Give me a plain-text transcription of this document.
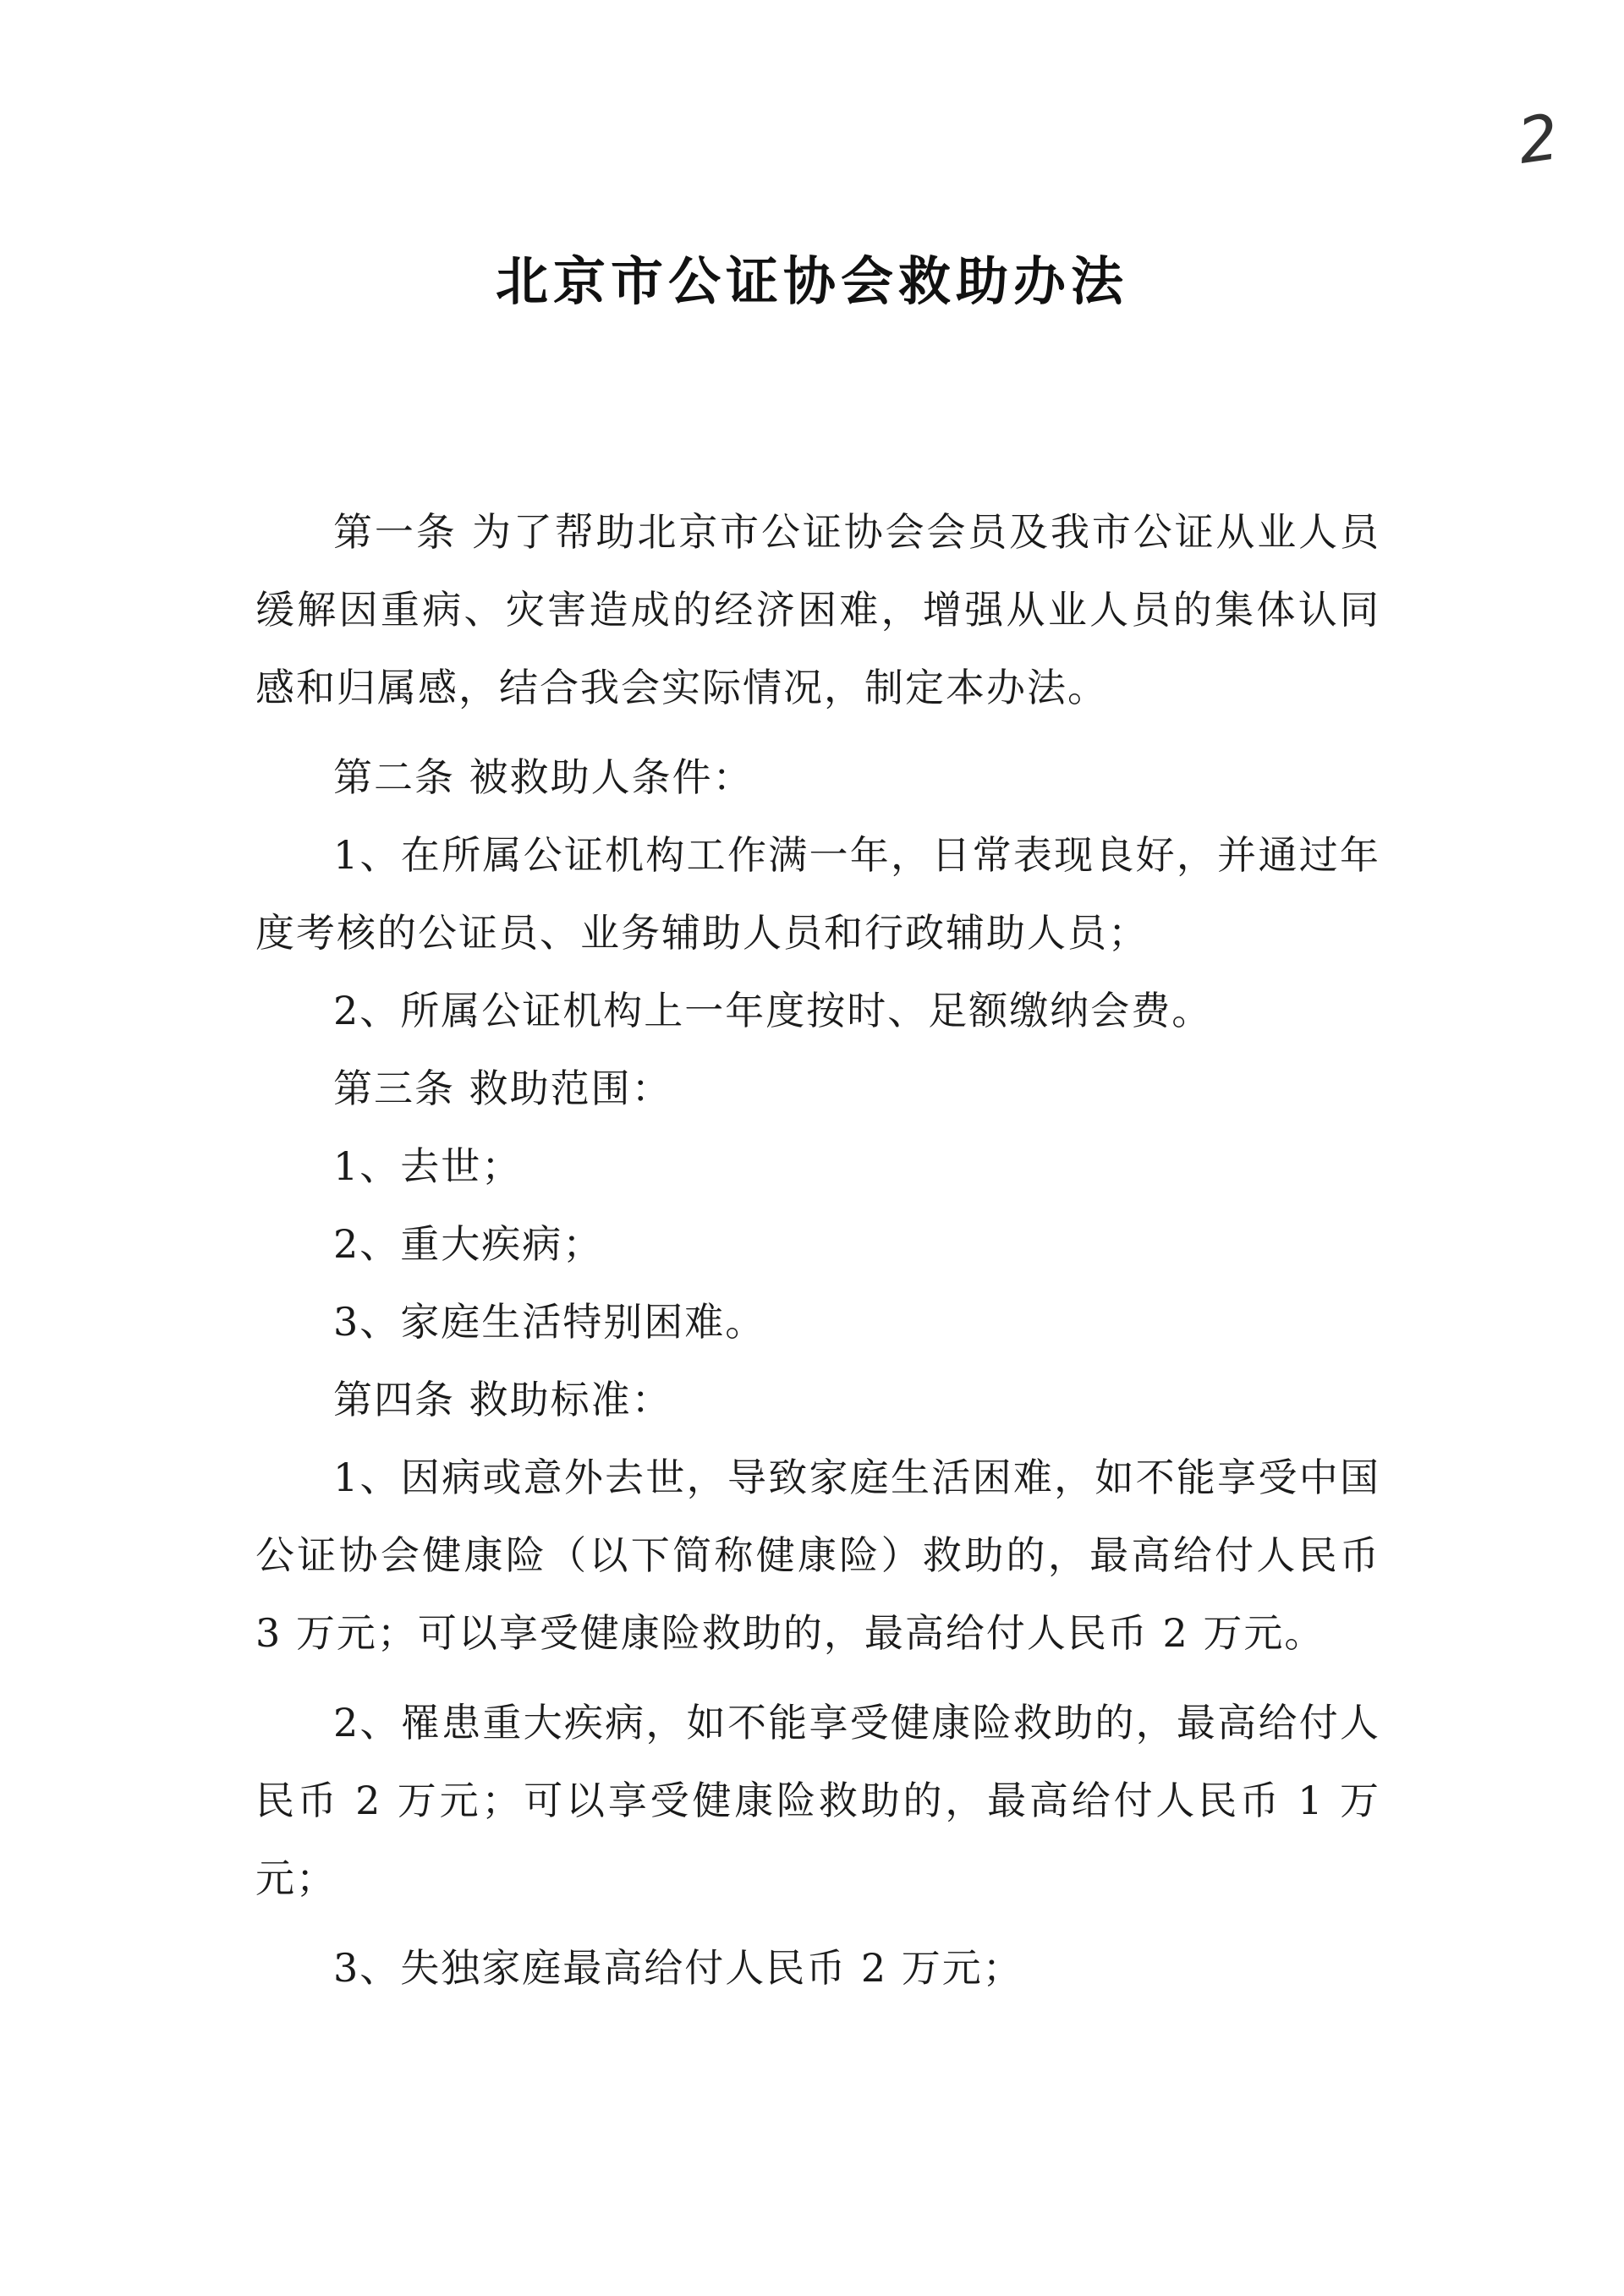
2
北京市公证协会救助办法

第一条 为了帮助北京市公证协会会员及我市公证从业人员缓解因重病、灾害造成的经济困难，增强从业人员的集体认同感和归属感，结合我会实际情况，制定本办法。

第二条 被救助人条件：

1、在所属公证机构工作满一年，日常表现良好，并通过年度考核的公证员、业务辅助人员和行政辅助人员；

2、所属公证机构上一年度按时、足额缴纳会费。

第三条 救助范围：

1、去世；

2、重大疾病；

3、家庭生活特别困难。

第四条 救助标准：

1、因病或意外去世，导致家庭生活困难，如不能享受中国公证协会健康险（以下简称健康险）救助的，最高给付人民币 3 万元；可以享受健康险救助的，最高给付人民币 2 万元。

2、罹患重大疾病，如不能享受健康险救助的，最高给付人民币 2 万元；可以享受健康险救助的，最高给付人民币 1 万元；

3、失独家庭最高给付人民币 2 万元；
